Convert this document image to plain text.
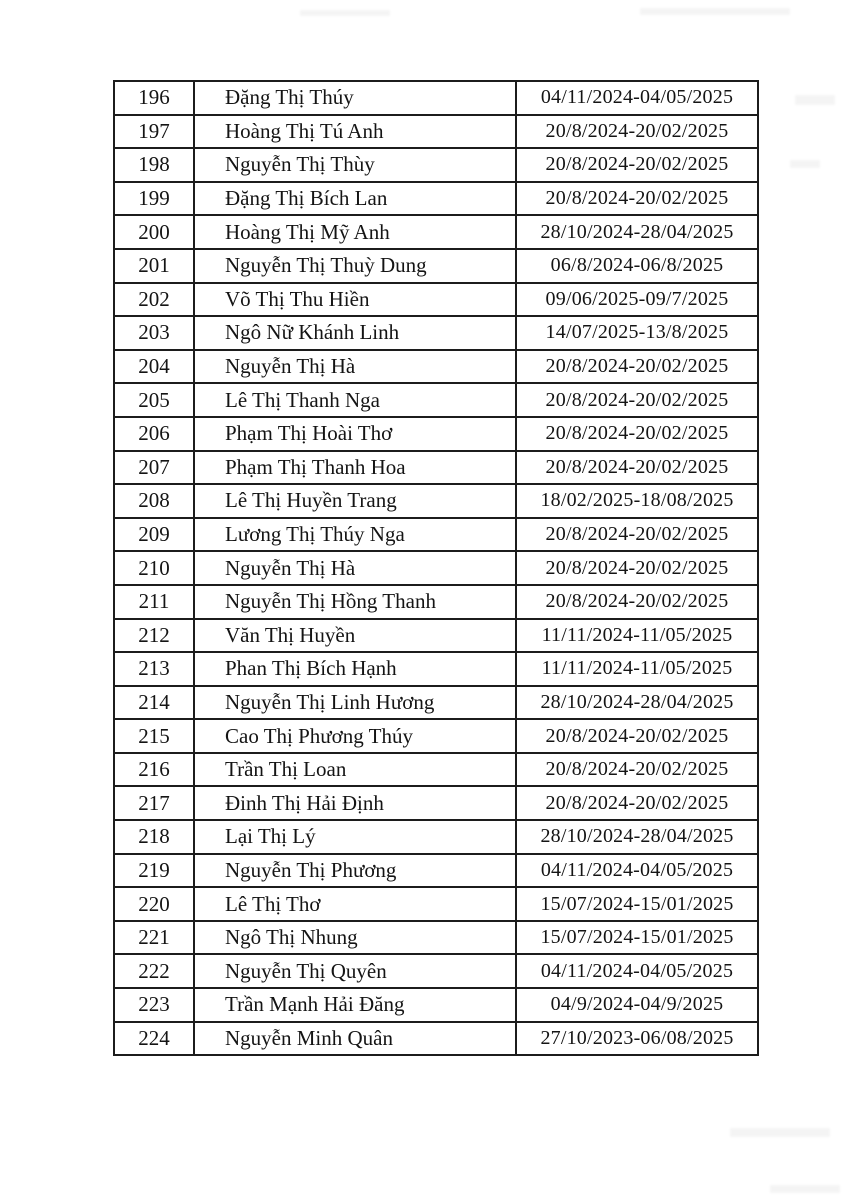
196	Đặng Thị Thúy	04/11/2024-04/05/2025
197	Hoàng Thị Tú Anh	20/8/2024-20/02/2025
198	Nguyễn Thị Thùy	20/8/2024-20/02/2025
199	Đặng Thị Bích Lan	20/8/2024-20/02/2025
200	Hoàng Thị Mỹ Anh	28/10/2024-28/04/2025
201	Nguyễn Thị Thuỳ Dung	06/8/2024-06/8/2025
202	Võ Thị Thu Hiền	09/06/2025-09/7/2025
203	Ngô Nữ Khánh Linh	14/07/2025-13/8/2025
204	Nguyễn Thị Hà	20/8/2024-20/02/2025
205	Lê Thị Thanh Nga	20/8/2024-20/02/2025
206	Phạm Thị Hoài Thơ	20/8/2024-20/02/2025
207	Phạm Thị Thanh Hoa	20/8/2024-20/02/2025
208	Lê Thị Huyền Trang	18/02/2025-18/08/2025
209	Lương Thị Thúy Nga	20/8/2024-20/02/2025
210	Nguyễn Thị Hà	20/8/2024-20/02/2025
211	Nguyễn Thị Hồng Thanh	20/8/2024-20/02/2025
212	Văn Thị Huyền	11/11/2024-11/05/2025
213	Phan Thị Bích Hạnh	11/11/2024-11/05/2025
214	Nguyễn Thị Linh Hương	28/10/2024-28/04/2025
215	Cao Thị Phương Thúy	20/8/2024-20/02/2025
216	Trần Thị Loan	20/8/2024-20/02/2025
217	Đinh Thị Hải Định	20/8/2024-20/02/2025
218	Lại Thị Lý	28/10/2024-28/04/2025
219	Nguyễn Thị Phương	04/11/2024-04/05/2025
220	Lê Thị Thơ	15/07/2024-15/01/2025
221	Ngô Thị Nhung	15/07/2024-15/01/2025
222	Nguyễn Thị Quyên	04/11/2024-04/05/2025
223	Trần Mạnh Hải Đăng	04/9/2024-04/9/2025
224	Nguyễn Minh Quân	27/10/2023-06/08/2025
